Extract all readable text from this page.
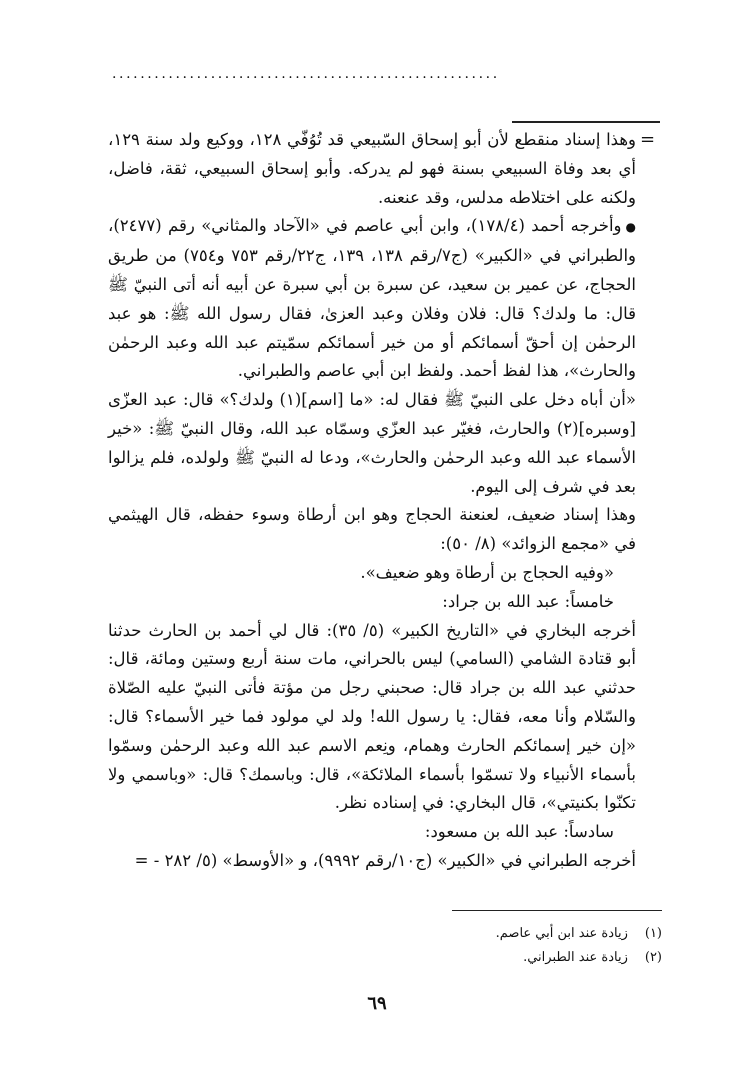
.......................................................
=

وهذا إسناد منقطع لأن أبو إسحاق السّبيعي قد تُوُفّي ١٢٨، ووكيع ولد سنة ١٢٩، أي بعد وفاة السبيعي بسنة فهو لم يدركه. وأبو إسحاق السبيعي، ثقة، فاضل، ولكنه على اختلاطه مدلس، وقد عنعنه.

●وأخرجه أحمد (١٧٨/٤)، وابن أبي عاصم في «الآحاد والمثاني» رقم (٢٤٧٧)، والطبراني في «الكبير» (ج٧/رقم ١٣٨، ١٣٩، ج٢٢/رقم ٧٥٣ و٧٥٤) من طريق الحجاج، عن عمير بن سعيد، عن سبرة بن أبي سبرة عن أبيه أنه أتى النبيّ ﷺ قال: ما ولدك؟ قال: فلان وفلان وعبد العزىٰ، فقال رسول الله ﷺ: هو عبد الرحمٰن إن أحقّ أسمائكم أو من خير أسمائكم سمّيتم عبد الله وعبد الرحمٰن والحارث»، هذا لفظ أحمد. ولفظ ابن أبي عاصم والطبراني.

«أن أباه دخل على النبيّ ﷺ فقال له: «ما [اسم](١) ولدك؟» قال: عبد العزّى [وسبره](٢) والحارث، فغيّر عبد العزّي وسمّاه عبد الله، وقال النبيّ ﷺ: «خير الأسماء عبد الله وعبد الرحمٰن والحارث»، ودعا له النبيّ ﷺ ولولده، فلم يزالوا بعد في شرف إلى اليوم.

وهذا إسناد ضعيف، لعنعنة الحجاج وهو ابن أرطاة وسوء حفظه، قال الهيثمي في «مجمع الزوائد» (٨/ ٥٠):

«وفيه الحجاج بن أرطاة وهو ضعيف».

خامساً: عبد الله بن جراد:

أخرجه البخاري في «التاريخ الكبير» (٥/ ٣٥): قال لي أحمد بن الحارث حدثنا أبو قتادة الشامي (السامي) ليس بالحراني، مات سنة أربع وستين ومائة، قال: حدثني عبد الله بن جراد قال: صحبني رجل من مؤتة فأتى النبيّ عليه الصّلاة والسّلام وأنا معه، فقال: يا رسول الله! ولد لي مولود فما خير الأسماء؟ قال: «إن خير إسمائكم الحارث وهمام، ونِعم الاسم عبد الله وعبد الرحمٰن وسمّوا بأسماء الأنبياء ولا تسمّوا بأسماء الملائكة»، قال: وباسمك؟ قال: «وباسمي ولا تكنّوا بكنيتي»، قال البخاري: في إسناده نظر.

سادساً: عبد الله بن مسعود:

أخرجه الطبراني في «الكبير» (ج١٠/رقم ٩٩٩٢)، و «الأوسط» (٥/ ٢٨٢ - =

(١) زيادة عند ابن أبي عاصم.

(٢) زيادة عند الطبراني.

٦٩
